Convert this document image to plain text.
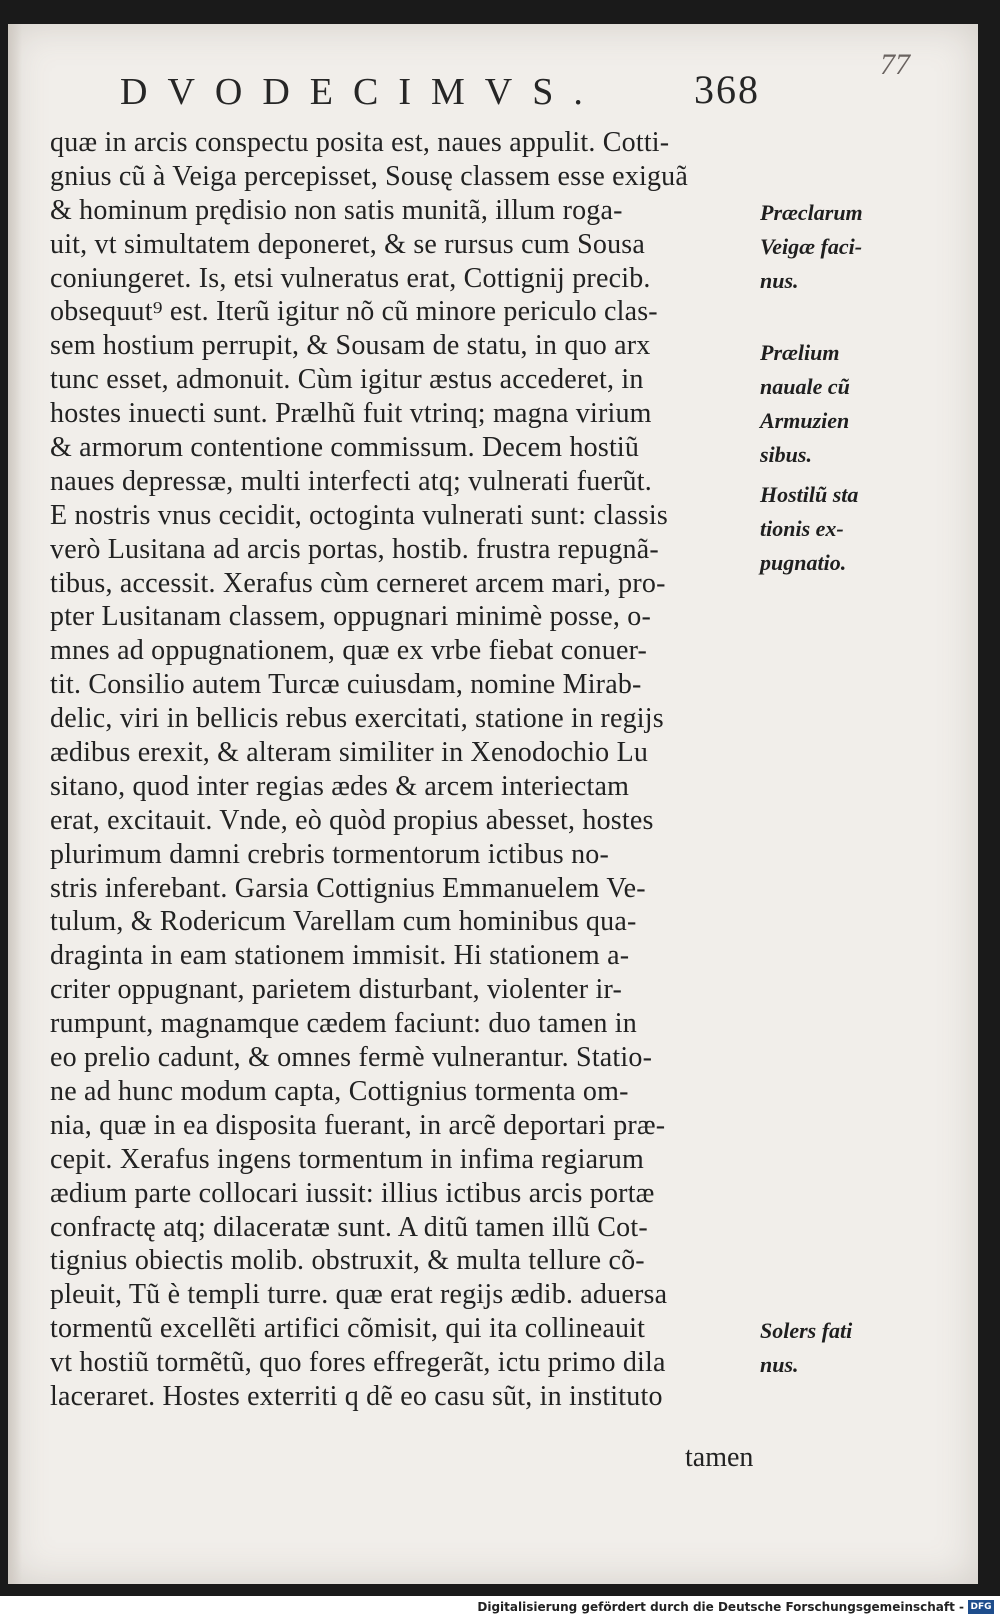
DVODECIMVS. 368
77
quæ in arcis conspectu posita est, naues appulit. Cotti-
gnius cũ à Veiga percepisset, Sousę classem esse exiguã
& hominum prędisio non satis munitã, illum roga-
uit, vt simultatem deponeret, & se rursus cum Sousa
coniungeret. Is, etsi vulneratus erat, Cottignij precib.
obsequut⁹ est. Iterũ igitur nõ cũ minore periculo clas-
sem hostium perrupit, & Sousam de statu, in quo arx
tunc esset, admonuit. Cùm igitur æstus accederet, in
hostes inuecti sunt. Prælhũ fuit vtrinq; magna virium
& armorum contentione commissum. Decem hostiũ
naues depressæ, multi interfecti atq; vulnerati fuerũt.
E nostris vnus cecidit, octoginta vulnerati sunt: classis
verò Lusitana ad arcis portas, hostib. frustra repugnã-
tibus, accessit. Xerafus cùm cerneret arcem mari, pro-
pter Lusitanam classem, oppugnari minimè posse, o-
mnes ad oppugnationem, quæ ex vrbe fiebat conuer-
tit. Consilio autem Turcæ cuiusdam, nomine Mirab-
delic, viri in bellicis rebus exercitati, statione in regijs
ædibus erexit, & alteram similiter in Xenodochio Lu
sitano, quod inter regias ædes & arcem interiectam
erat, excitauit. Vnde, eò quòd propius abesset, hostes
plurimum damni crebris tormentorum ictibus no-
stris inferebant. Garsia Cottignius Emmanuelem Ve-
tulum, & Rodericum Varellam cum hominibus qua-
draginta in eam stationem immisit. Hi stationem a-
criter oppugnant, parietem disturbant, violenter ir-
rumpunt, magnamque cædem faciunt: duo tamen in
eo prelio cadunt, & omnes fermè vulnerantur. Statio-
ne ad hunc modum capta, Cottignius tormenta om-
nia, quæ in ea disposita fuerant, in arcẽ deportari præ-
cepit. Xerafus ingens tormentum in infima regiarum
ædium parte collocari iussit: illius ictibus arcis portæ
confractę atq; dilaceratæ sunt. A ditũ tamen illũ Cot-
tignius obiectis molib. obstruxit, & multa tellure cõ-
pleuit, Tũ è templi turre. quæ erat regijs ædib. aduersa
tormentũ excellẽti artifici cõmisit, qui ita collineauit
vt hostiũ tormẽtũ, quo fores effregerãt, ictu primo dila
laceraret. Hostes exterriti q dẽ eo casu sũt, in instituto
tamen
Præclarum
Veigæ faci-
nus.
Prælium
nauale cũ
Armuzien
sibus.
Hostilũ sta
tionis ex-
pugnatio.
Solers fati
nus.
Digitalisierung gefördert durch die Deutsche Forschungsgemeinschaft - DFG
